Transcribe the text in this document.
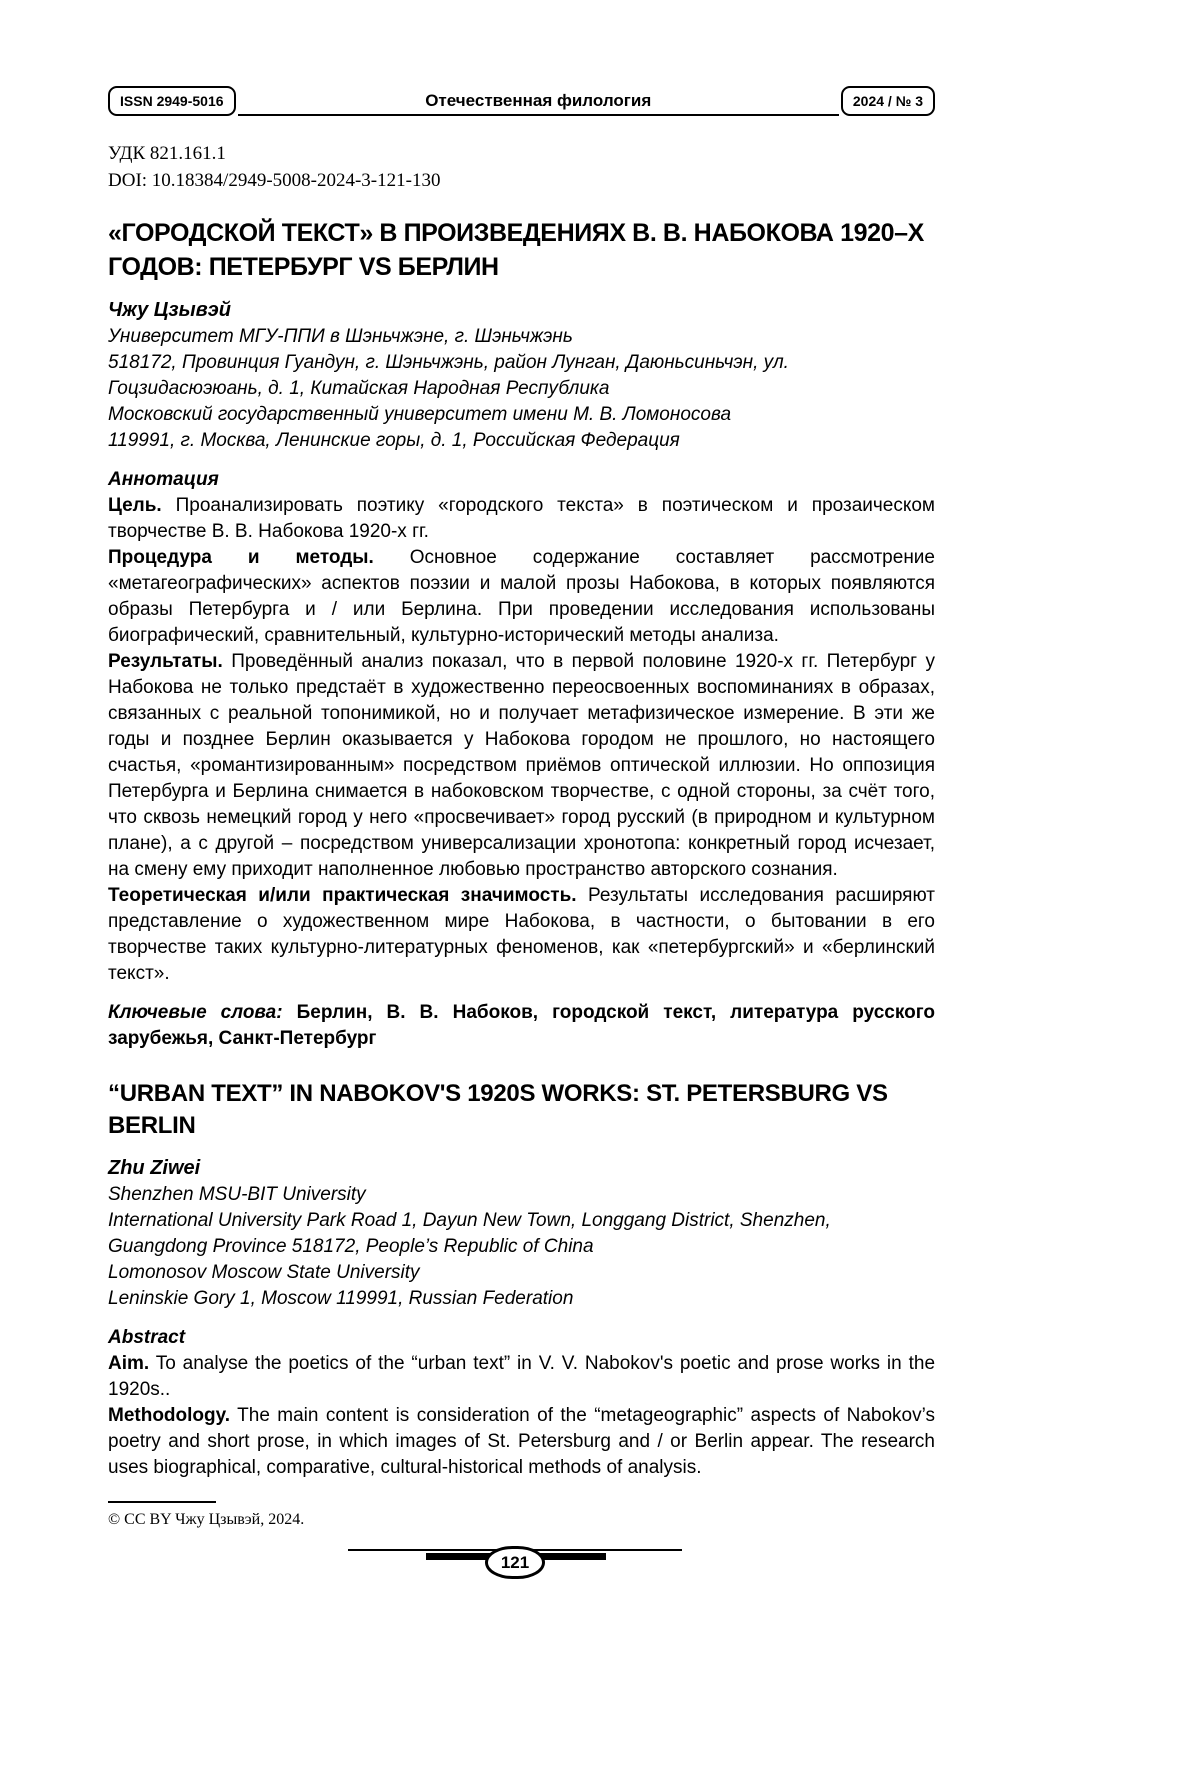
ISSN 2949-5016	Отечественная филология	2024 / № 3
УДК 821.161.1
DOI: 10.18384/2949-5008-2024-3-121-130
«ГОРОДСКОЙ ТЕКСТ» В ПРОИЗВЕДЕНИЯХ В. В. НАБОКОВА 1920–Х ГОДОВ: ПЕТЕРБУРГ VS БЕРЛИН
Чжу Цзывэй
Университет МГУ-ППИ в Шэньчжэне, г. Шэньчжэнь
518172, Провинция Гуандун, г. Шэньчжэнь, район Лунган, Даюньсиньчэн, ул. Гоцзидасюэюань, д. 1, Китайская Народная Республика
Московский государственный университет имени М. В. Ломоносова
119991, г. Москва, Ленинские горы, д. 1, Российская Федерация
Аннотация

Цель. Проанализировать поэтику «городского текста» в поэтическом и прозаическом творчестве В. В. Набокова 1920-х гг.

Процедура и методы. Основное содержание составляет рассмотрение «метагеографических» аспектов поэзии и малой прозы Набокова, в которых появляются образы Петербурга и / или Берлина. При проведении исследования использованы биографический, сравнительный, культурно-исторический методы анализа.

Результаты. Проведённый анализ показал, что в первой половине 1920-х гг. Петербург у Набокова не только предстаёт в художественно переосвоенных воспоминаниях в образах, связанных с реальной топонимикой, но и получает метафизическое измерение. В эти же годы и позднее Берлин оказывается у Набокова городом не прошлого, но настоящего счастья, «романтизированным» посредством приёмов оптической иллюзии. Но оппозиция Петербурга и Берлина снимается в набоковском творчестве, с одной стороны, за счёт того, что сквозь немецкий город у него «просвечивает» город русский (в природном и культурном плане), а с другой – посредством универсализации хронотопа: конкретный город исчезает, на смену ему приходит наполненное любовью пространство авторского сознания.

Теоретическая и/или практическая значимость. Результаты исследования расширяют представление о художественном мире Набокова, в частности, о бытовании в его творчестве таких культурно-литературных феноменов, как «петербургский» и «берлинский текст».

Ключевые слова: Берлин, В. В. Набоков, городской текст, литература русского зарубежья, Санкт-Петербург

“URBAN TEXT” IN NABOKOV'S 1920S WORKS: ST. PETERSBURG VS BERLIN
Zhu Ziwei
Shenzhen MSU-BIT University
International University Park Road 1, Dayun New Town, Longgang District, Shenzhen, Guangdong Province 518172, People’s Republic of China
Lomonosov Moscow State University
Leninskie Gory 1, Moscow 119991, Russian Federation
Abstract

Aim. To analyse the poetics of the “urban text” in V. V. Nabokov's poetic and prose works in the 1920s..

Methodology. The main content is consideration of the “metageographic” aspects of Nabokov’s poetry and short prose, in which images of St. Petersburg and / or Berlin appear. The research uses biographical, comparative, cultural-historical methods of analysis.

© CC BY Чжу Цзывэй, 2024.
121
